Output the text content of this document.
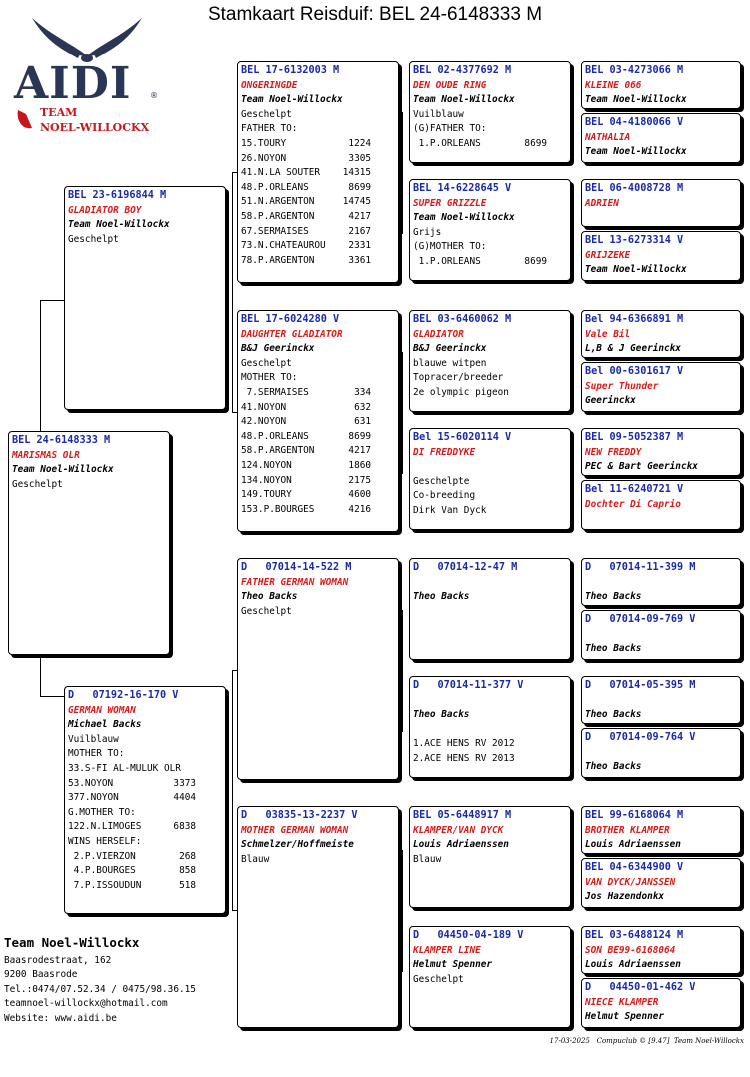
Stamkaart Reisduif: BEL 24-6148333 M
AIDI ®
TEAM
NOEL-WILLOCKX
BEL 24-6148333 M
MARISMAS OLR
Team Noel-Willockx
Geschelpt
BEL 23-6196844 M
GLADIATOR BOY
Team Noel-Willockx
Geschelpt
D   07192-16-170 V
GERMAN WOMAN
Michael Backs
Vuilblauw
MOTHER TO:
33.S-FI AL-MULUK OLR
53.NOYON	3373
377.NOYON	4404
G.MOTHER TO:
122.N.LIMOGES	6838
WINS HERSELF:
2.P.VIERZON	268
4.P.BOURGES	858
7.P.ISSOUDUN	518
BEL 17-6132003 M
ONGERINGDE
Team Noel-Willockx
Geschelpt
FATHER TO:
15.TOURY	1224
26.NOYON	3305
41.N.LA SOUTER 14315
48.P.ORLEANS	8699
51.N.ARGENTON	14745
58.P.ARGENTON	4217
67.SERMAISES	2167
73.N.CHATEAUROU 2331
78.P.ARGENTON	3361
BEL 17-6024280 V
DAUGHTER GLADIATOR
B&J Geerinckx
Geschelpt
MOTHER TO:
7.SERMAISES	334
41.NOYON	632
42.NOYON	631
48.P.ORLEANS	8699
58.P.ARGENTON	4217
124.NOYON	1860
134.NOYON	2175
149.TOURY	4600
153.P.BOURGES	4216
D   07014-14-522 M
FATHER GERMAN WOMAN
Theo Backs
Geschelpt
D   03835-13-2237 V
MOTHER GERMAN WOMAN
Schmelzer/Hoffmeiste
Blauw
BEL 02-4377692 M
DEN OUDE RING
Team Noel-Willockx
Vuilblauw
(G)FATHER TO:
1.P.ORLEANS	8699
BEL 14-6228645 V
SUPER GRIZZLE
Team Noel-Willockx
Grijs
(G)MOTHER TO:
1.P.ORLEANS	8699
BEL 03-6460062 M
GLADIATOR
B&J Geerinckx
blauwe witpen
Topracer/breeder
2e olympic pigeon
Bel 15-6020114 V
DI FREDDYKE

Geschelpte
Co-breeding
Dirk Van Dyck
D   07014-12-47 M

Theo Backs
D   07014-11-377 V

Theo Backs

1.ACE HENS RV 2012
2.ACE HENS RV 2013
BEL 05-6448917 M
KLAMPER/VAN DYCK
Louis Adriaenssen
Blauw
D   04450-04-189 V
KLAMPER LINE
Helmut Spenner
Geschelpt
BEL 03-4273066 M
KLEINE 066
Team Noel-Willockx
BEL 04-4180066 V
NATHALIA
Team Noel-Willockx
BEL 06-4008728 M
ADRIEN
BEL 13-6273314 V
GRIJZEKE
Team Noel-Willockx
Bel 94-6366891 M
Vale Bil
L,B & J Geerinckx
Bel 00-6301617 V
Super Thunder
Geerinckx
BEL 09-5052387 M
NEW FREDDY
PEC & Bart Geerinckx
Bel 11-6240721 V
Dochter Di Caprio
D   07014-11-399 M

Theo Backs
D   07014-09-769 V

Theo Backs
D   07014-05-395 M

Theo Backs
D   07014-09-764 V

Theo Backs
BEL 99-6168064 M
BROTHER KLAMPER
Louis Adriaenssen
BEL 04-6344900 V
VAN DYCK/JANSSEN
Jos Hazendonkx
BEL 03-6488124 M
SON BE99-6168064
Louis Adriaenssen
D   04450-01-462 V
NIECE KLAMPER
Helmut Spenner
Team Noel-Willockx
Baasrodestraat, 162
9200 Baasrode
Tel.:0474/07.52.34 / 0475/98.36.15
teamnoel-willockx@hotmail.com
Website: www.aidi.be
17-03-2025   Compuclub © [9.47]  Team Noel-Willockx
